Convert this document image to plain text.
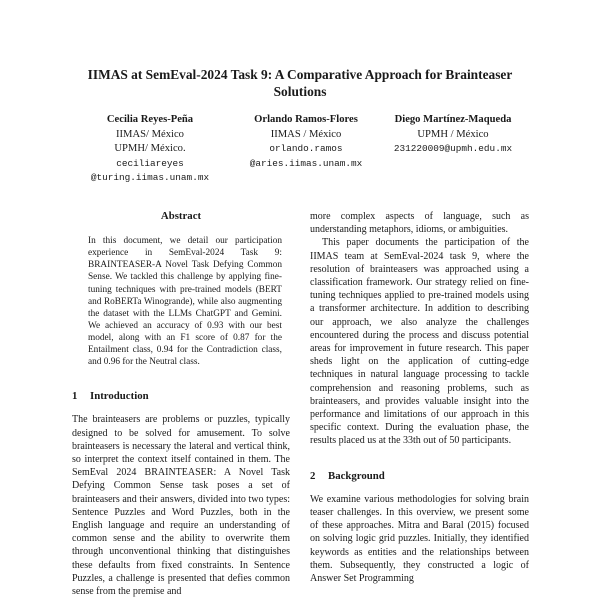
IIMAS at SemEval-2024 Task 9: A Comparative Approach for Brainteaser Solutions
Cecilia Reyes-Peña
IIMAS/ México
UPMH/ México.
ceciliareyes
@turing.iimas.unam.mx
Orlando Ramos-Flores
IIMAS / México
orlando.ramos
@aries.iimas.unam.mx
Diego Martínez-Maqueda
UPMH / México
231220009@upmh.edu.mx
Abstract

In this document, we detail our participation experience in SemEval-2024 Task 9: BRAINTEASER-A Novel Task Defying Common Sense. We tackled this challenge by applying fine-tuning techniques with pre-trained models (BERT and RoBERTa Winogrande), while also augmenting the dataset with the LLMs ChatGPT and Gemini. We achieved an accuracy of 0.93 with our best model, along with an F1 score of 0.87 for the Entailment class, 0.94 for the Contradiction class, and 0.96 for the Neutral class.

1 Introduction

The brainteasers are problems or puzzles, typically designed to be solved for amusement. To solve brainteasers is necessary the lateral and vertical think, so interpret the context itself contained in them. The SemEval 2024 BRAINTEASER: A Novel Task Defying Common Sense task poses a set of brainteasers and their answers, divided into two types: Sentence Puzzles and Word Puzzles, both in the English language and require an understanding of common sense and the ability to overwrite them through unconventional thinking that distinguishes these defaults from fixed constraints. In Sentence Puzzles, a challenge is presented that defies common sense from the premise and

more complex aspects of language, such as understanding metaphors, idioms, or ambiguities.

This paper documents the participation of the IIMAS team at SemEval-2024 task 9, where the resolution of brainteasers was approached using a classification framework. Our strategy relied on fine-tuning techniques applied to pre-trained models using a transformer architecture. In addition to describing our approach, we also analyze the challenges encountered during the process and discuss potential areas for improvement in future research. This paper sheds light on the application of cutting-edge techniques in natural language processing to tackle comprehension and reasoning problems, such as brainteasers, and provides valuable insight into the performance and limitations of our approach in this specific context. During the evaluation phase, the results placed us at the 33th out of 50 participants.

2 Background

We examine various methodologies for solving brain teaser challenges. In this overview, we present some of these approaches. Mitra and Baral (2015) focused on solving logic grid puzzles. Initially, they identified keywords as entities and the relationships between them. Subsequently, they constructed a logic of Answer Set Programming
